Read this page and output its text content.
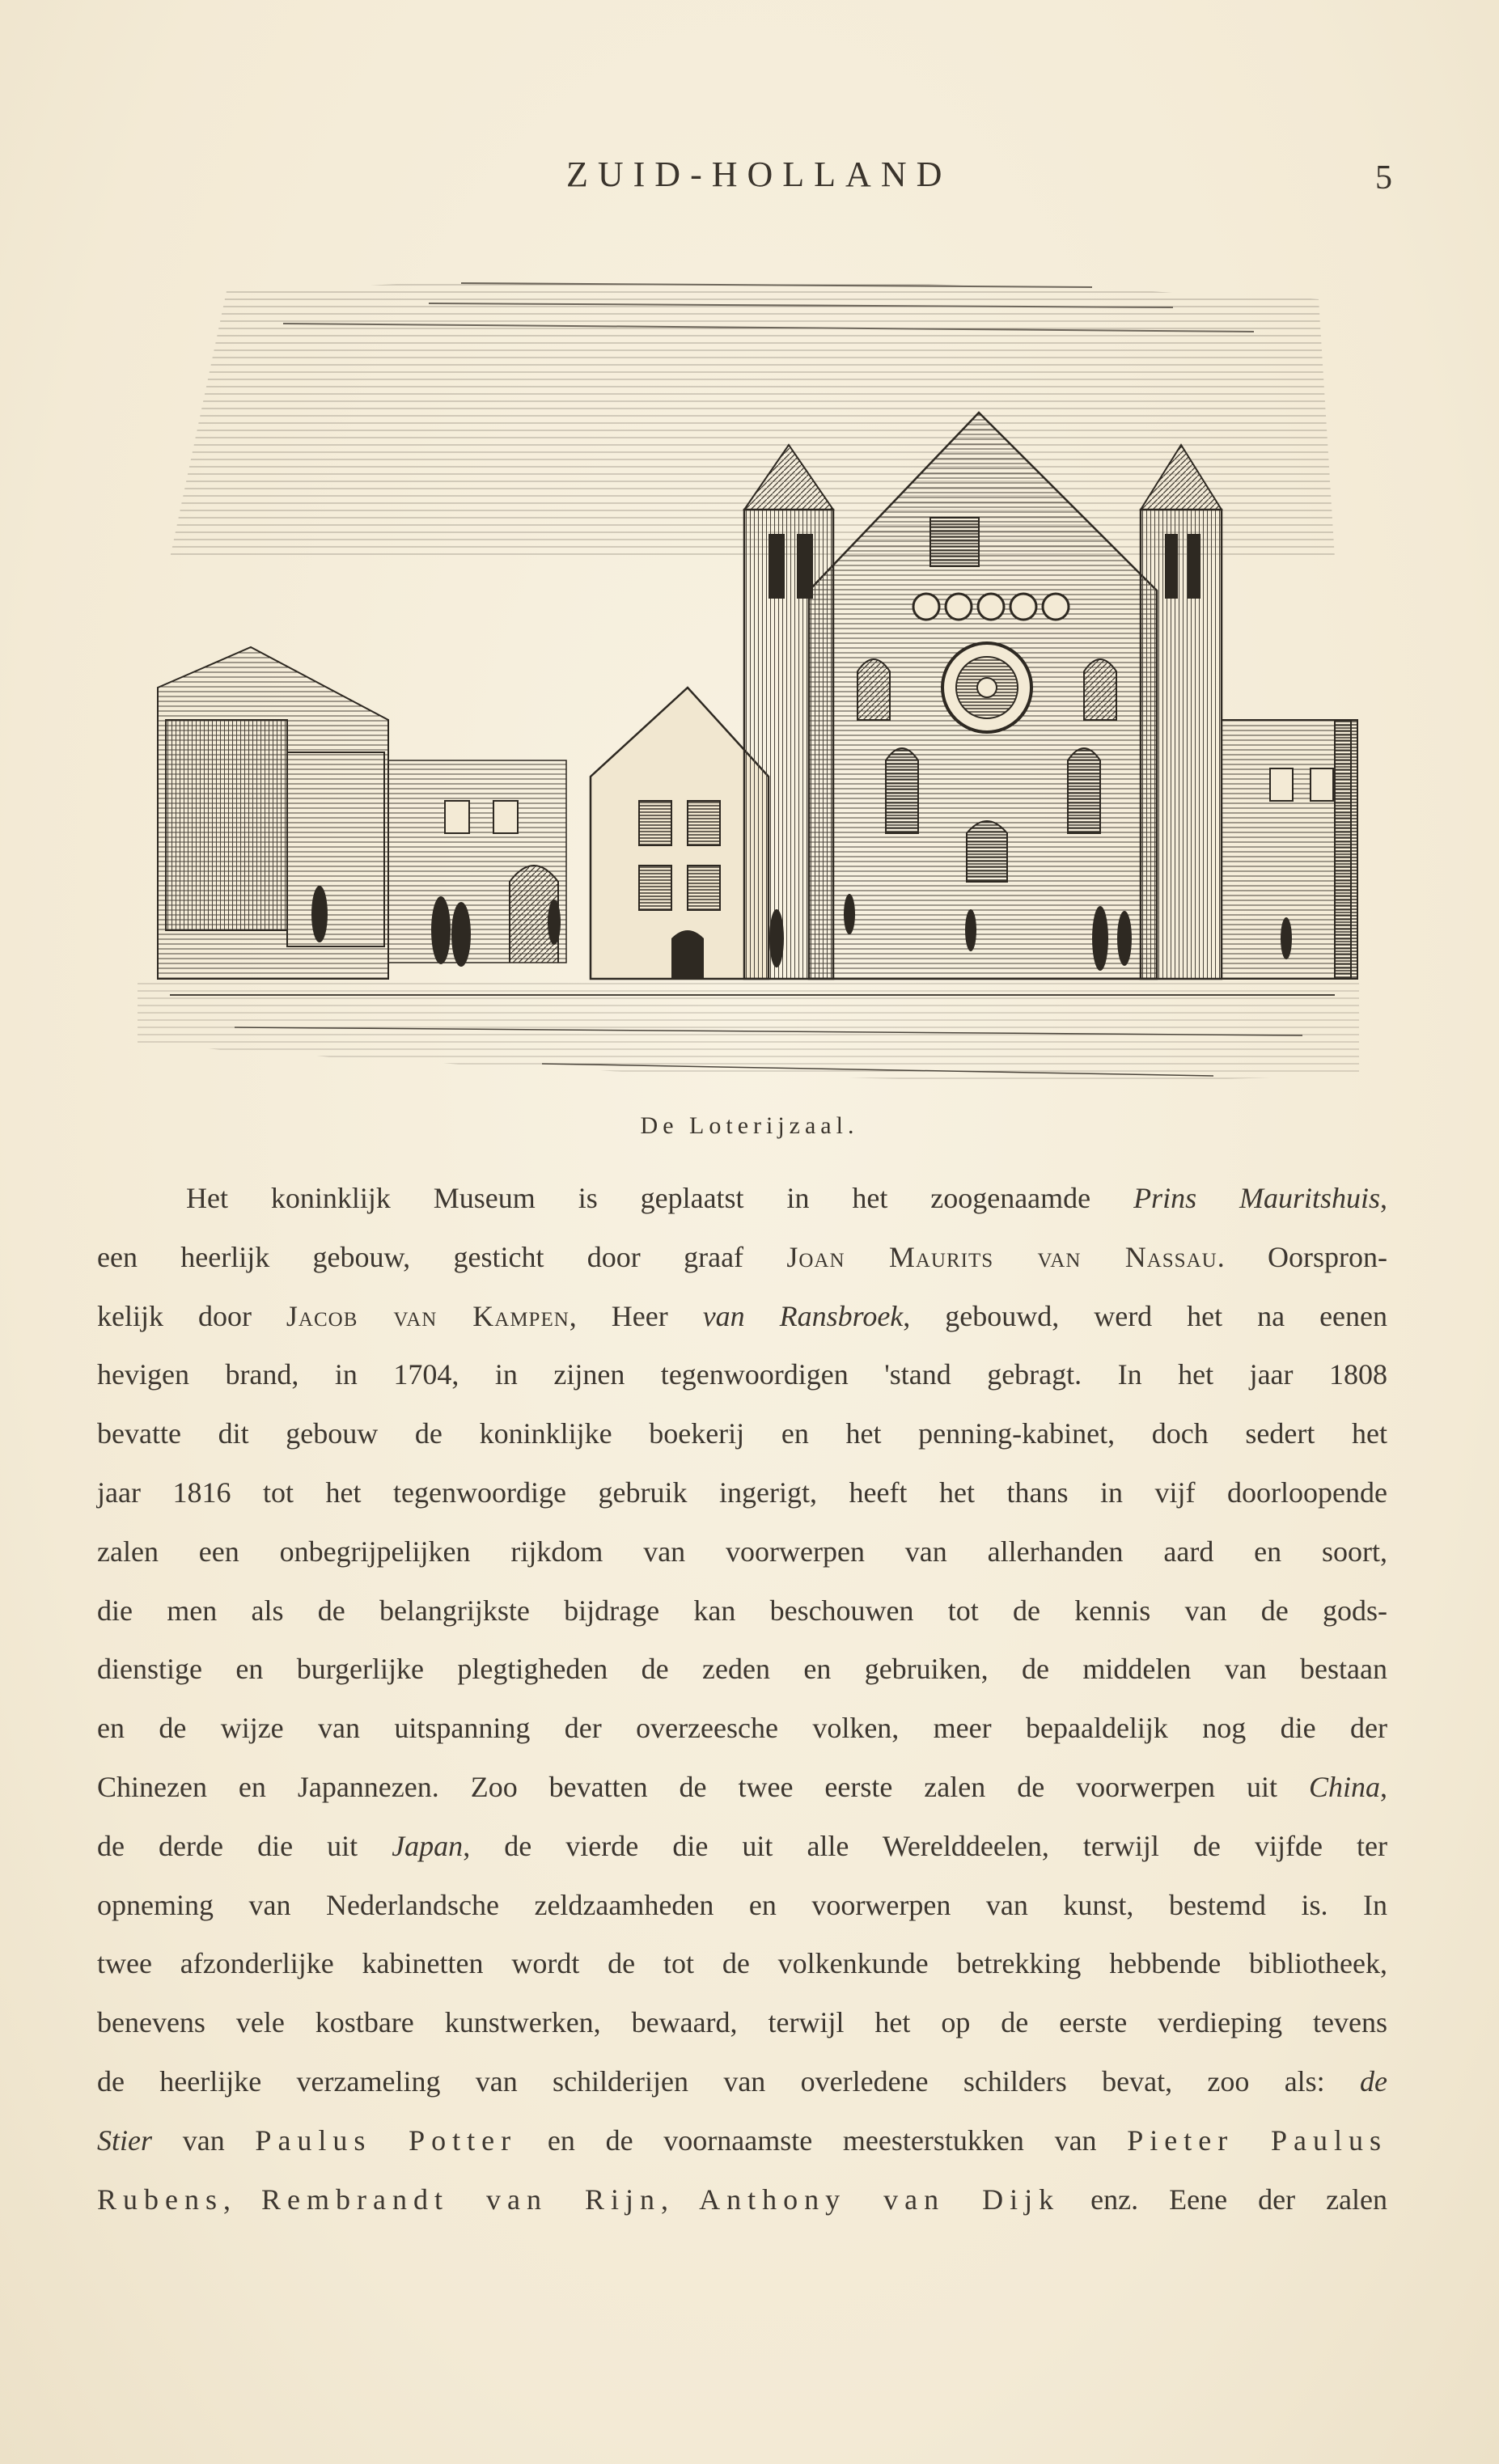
ZUID-HOLLAND	5
De Loterijzaal.
Het koninklijk Museum is geplaatst in het zoogenaamde Prins Mauritshuis,
een heerlijk gebouw, gesticht door graaf Joan Maurits van Nassau. Oorspron-
kelijk door Jacob van Kampen, Heer van Ransbroek, gebouwd, werd het na eenen
hevigen brand, in 1704, in zijnen tegenwoordigen 'stand gebragt. In het jaar 1808
bevatte dit gebouw de koninklijke boekerij en het penning-kabinet, doch sedert het
jaar 1816 tot het tegenwoordige gebruik ingerigt, heeft het thans in vijf doorloopende
zalen een onbegrijpelijken rijkdom van voorwerpen van allerhanden aard en soort,
die men als de belangrijkste bijdrage kan beschouwen tot de kennis van de gods-
dienstige en burgerlijke plegtigheden de zeden en gebruiken, de middelen van bestaan
en de wijze van uitspanning der overzeesche volken, meer bepaaldelijk nog die der
Chinezen en Japannezen. Zoo bevatten de twee eerste zalen de voorwerpen uit China,
de derde die uit Japan, de vierde die uit alle Werelddeelen, terwijl de vijfde ter
opneming van Nederlandsche zeldzaamheden en voorwerpen van kunst, bestemd is. In
twee afzonderlijke kabinetten wordt de tot de volkenkunde betrekking hebbende bibliotheek,
benevens vele kostbare kunstwerken, bewaard, terwijl het op de eerste verdieping tevens
de heerlijke verzameling van schilderijen van overledene schilders bevat, zoo als: de
Stier van Paulus Potter en de voornaamste meesterstukken van Pieter Paulus
Rubens, Rembrandt van Rijn, Anthony van Dijk enz. Eene der zalen
